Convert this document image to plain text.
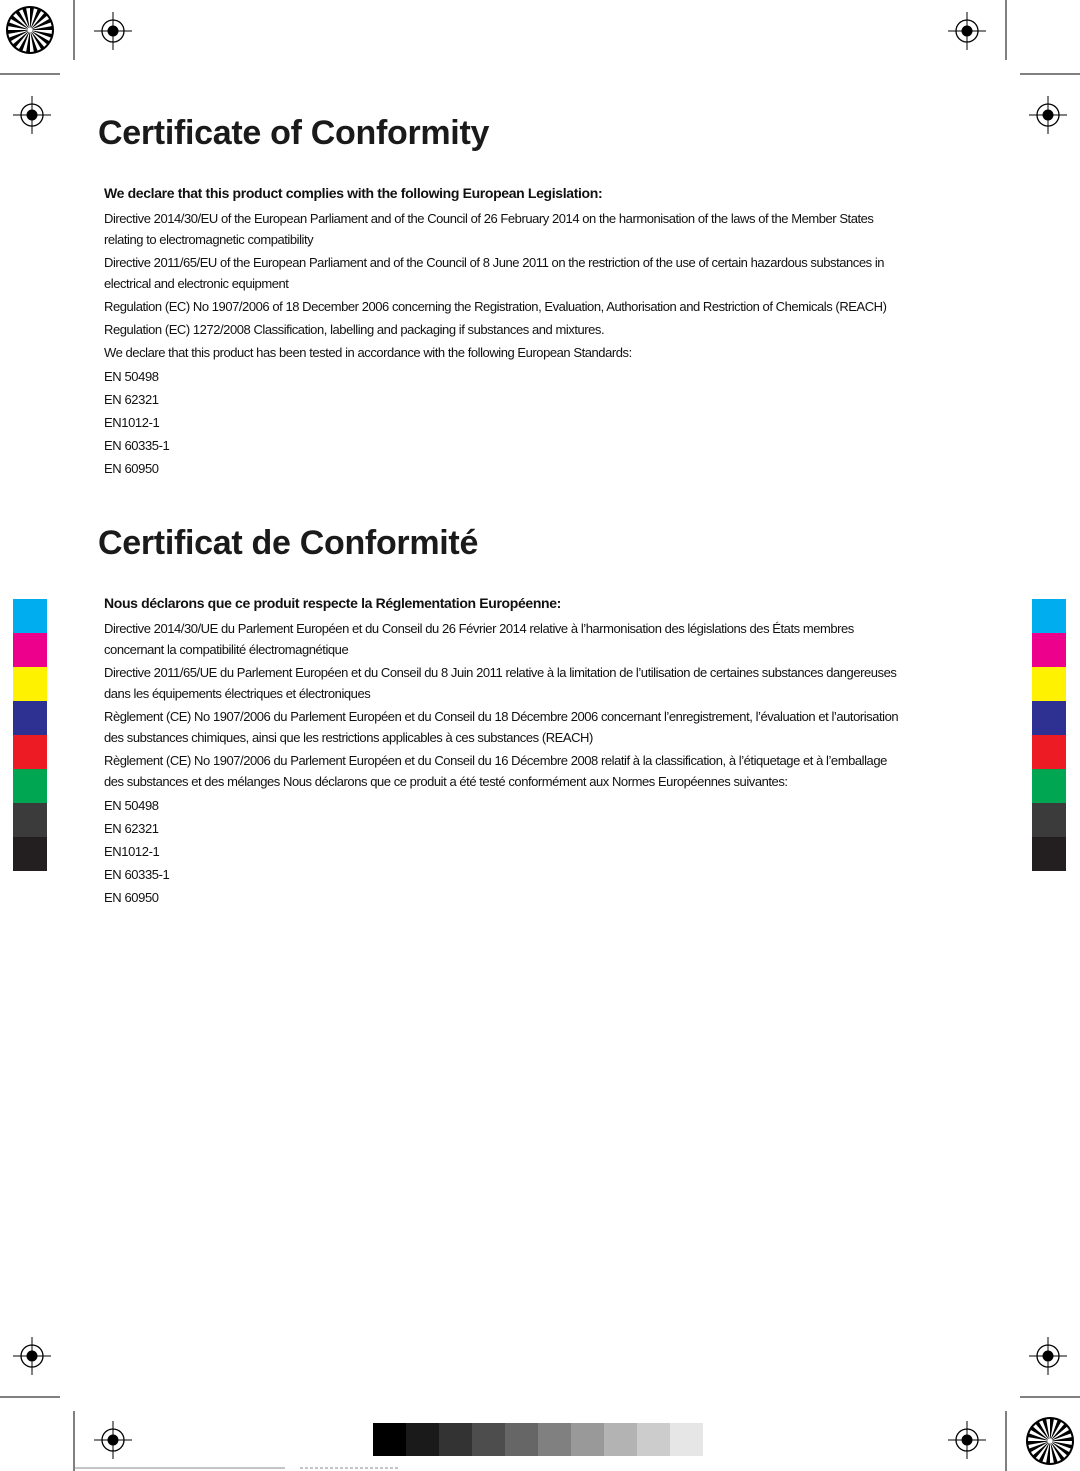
Certificate of Conformity

We declare that this product complies with the following European Legislation:

Directive 2014/30/EU of the European Parliament and of the Council of 26 February 2014 on the harmonisation of the laws of the Member States relating to electromagnetic compatibility

Directive 2011/65/EU of the European Parliament and of the Council of 8 June 2011 on the restriction of the use of certain hazardous substances in electrical and electronic equipment

Regulation (EC) No 1907/2006 of 18 December 2006 concerning the Registration, Evaluation, Authorisation and Restriction of Chemicals (REACH)

Regulation (EC) 1272/2008 Classification, labelling and packaging if substances and mixtures.

We declare that this product has been tested in accordance with the following European Standards:

EN 50498

EN 62321

EN1012-1

EN 60335-1

EN 60950

Certificat de Conformité

Nous déclarons que ce produit respecte la Réglementation Européenne:

Directive 2014/30/UE du Parlement Européen et du Conseil du 26 Février 2014 relative à l’harmonisation des législations des États membres concernant la compatibilité électromagnétique

Directive 2011/65/UE du Parlement Européen et du Conseil du 8 Juin 2011 relative à la limitation de l’utilisation de certaines substances dangereuses dans les équipements électriques et électroniques

Règlement (CE) No 1907/2006 du Parlement Européen et du Conseil du 18 Décembre 2006 concernant l’enregistrement, l’évaluation et l’autorisation des substances chimiques, ainsi que les restrictions applicables à ces substances (REACH)

Règlement (CE) No 1907/2006 du Parlement Européen et du Conseil du 16 Décembre 2008 relatif à la classification, à l’étiquetage et à l’emballage des substances et des mélanges Nous déclarons que ce produit a été testé conformément aux Normes Européennes suivantes:

EN 50498

EN 62321

EN1012-1

EN 60335-1

EN 60950
